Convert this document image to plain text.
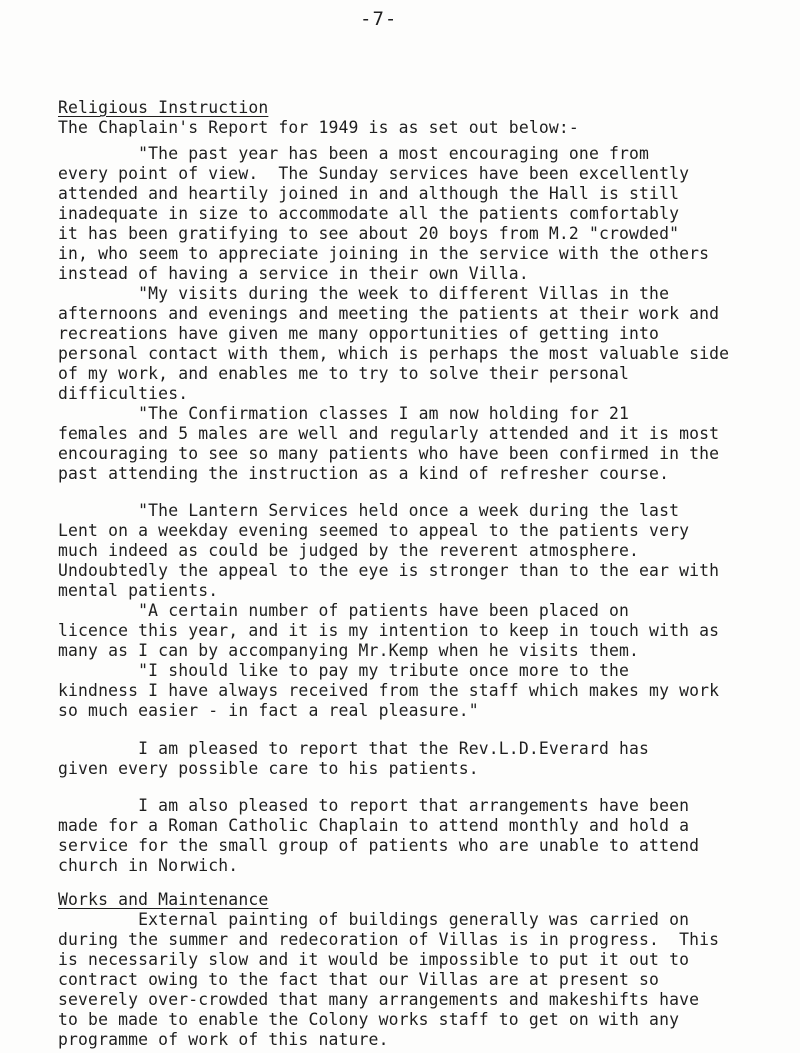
-7-
Religious Instruction
The Chaplain's Report for 1949 is as set out below:-
"The past year has been a most encouraging one from
every point of view.  The Sunday services have been excellently
attended and heartily joined in and although the Hall is still
inadequate in size to accommodate all the patients comfortably
it has been gratifying to see about 20 boys from M.2 "crowded"
in, who seem to appreciate joining in the service with the others
instead of having a service in their own Villa.
"My visits during the week to different Villas in the
afternoons and evenings and meeting the patients at their work and
recreations have given me many opportunities of getting into
personal contact with them, which is perhaps the most valuable side
of my work, and enables me to try to solve their personal
difficulties.
"The Confirmation classes I am now holding for 21
females and 5 males are well and regularly attended and it is most
encouraging to see so many patients who have been confirmed in the
past attending the instruction as a kind of refresher course.
"The Lantern Services held once a week during the last
Lent on a weekday evening seemed to appeal to the patients very
much indeed as could be judged by the reverent atmosphere.
Undoubtedly the appeal to the eye is stronger than to the ear with
mental patients.
"A certain number of patients have been placed on
licence this year, and it is my intention to keep in touch with as
many as I can by accompanying Mr.Kemp when he visits them.
"I should like to pay my tribute once more to the
kindness I have always received from the staff which makes my work
so much easier - in fact a real pleasure."
I am pleased to report that the Rev.L.D.Everard has
given every possible care to his patients.
I am also pleased to report that arrangements have been
made for a Roman Catholic Chaplain to attend monthly and hold a
service for the small group of patients who are unable to attend
church in Norwich.
Works and Maintenance
External painting of buildings generally was carried on
during the summer and redecoration of Villas is in progress.  This
is necessarily slow and it would be impossible to put it out to
contract owing to the fact that our Villas are at present so
severely over-crowded that many arrangements and makeshifts have
to be made to enable the Colony works staff to get on with any
programme of work of this nature.
